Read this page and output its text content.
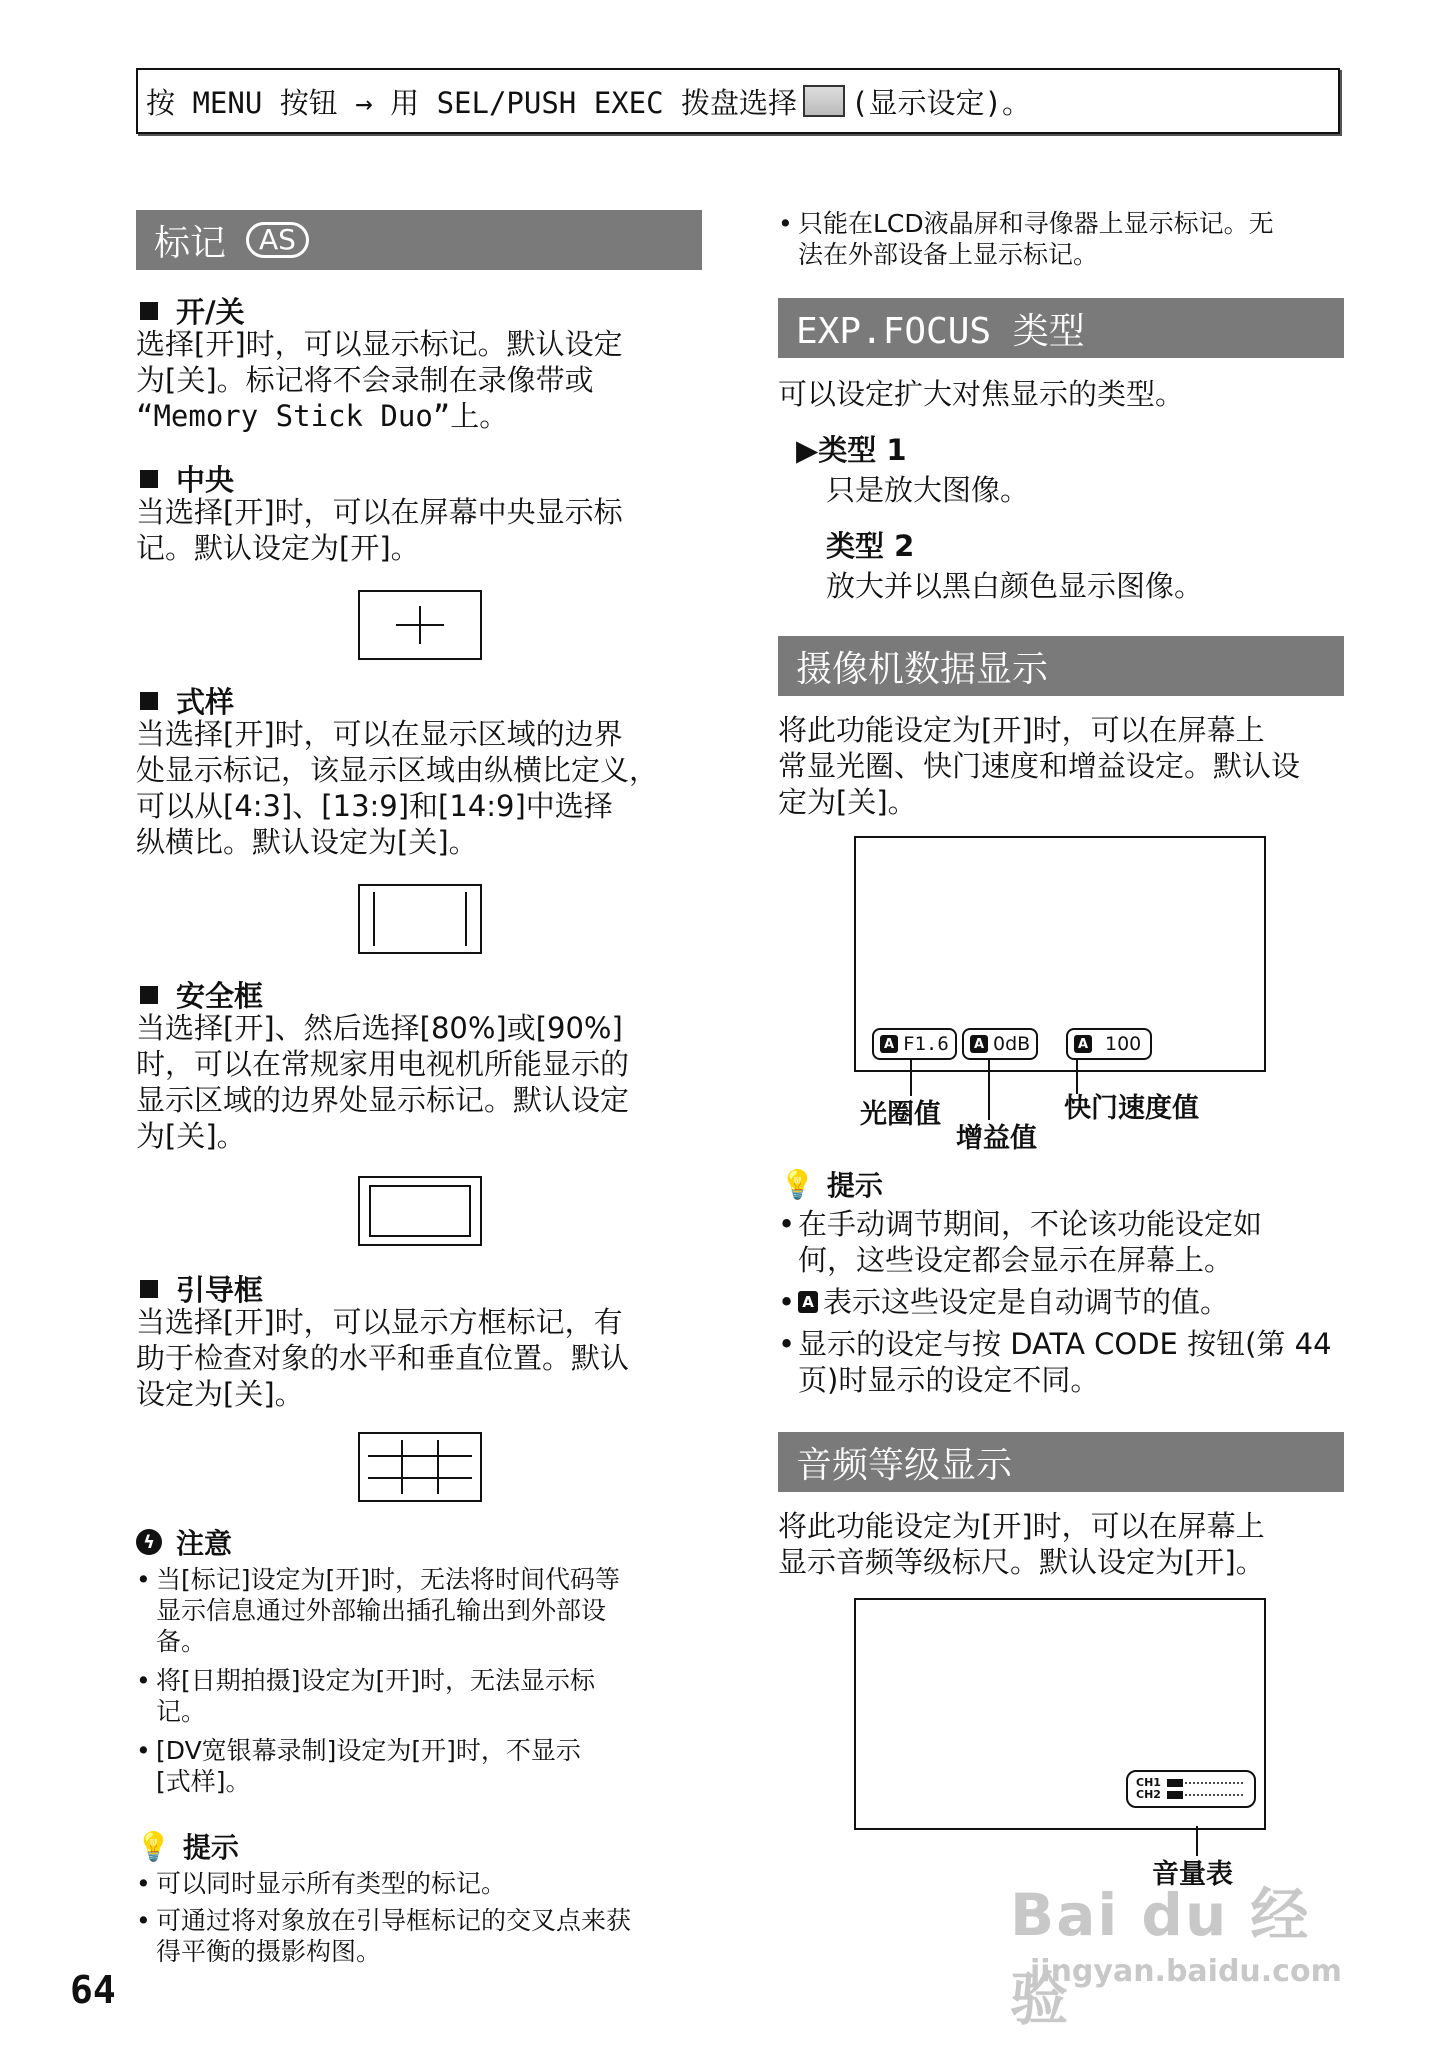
按 MENU 按钮 → 用 SEL/PUSH EXEC 拨盘选择 (显示设定)。
标记	AS
开/关
选择[开]时，可以显示标记。默认设定
为[关]。标记将不会录制在录像带或
“Memory Stick Duo”上。
中央
当选择[开]时，可以在屏幕中央显示标
记。默认设定为[开]。
式样
当选择[开]时，可以在显示区域的边界
处显示标记，该显示区域由纵横比定义，
可以从[4:3]、[13:9]和[14:9]中选择
纵横比。默认设定为[关]。
安全框
当选择[开]、然后选择[80%]或[90%]
时，可以在常规家用电视机所能显示的
显示区域的边界处显示标记。默认设定
为[关]。
引导框
当选择[开]时，可以显示方框标记，有
助于检查对象的水平和垂直位置。默认
设定为[关]。
ϟ 注意
• 当[标记]设定为[开]时，无法将时间代码等
显示信息通过外部输出插孔输出到外部设
备。
• 将[日期拍摄]设定为[开]时，无法显示标
记。
• [DV宽银幕录制]设定为[开]时，不显示
[式样]。
💡 提示
• 可以同时显示所有类型的标记。
• 可通过将对象放在引导框标记的交叉点来获
得平衡的摄影构图。
• 只能在LCD液晶屏和寻像器上显示标记。无
法在外部设备上显示标记。
EXP.FOCUS 类型
可以设定扩大对焦显示的类型。
▶类型 1
只是放大图像。
类型 2
放大并以黑白颜色显示图像。
摄像机数据显示
将此功能设定为[开]时，可以在屏幕上
常显光圈、快门速度和增益设定。默认设
定为[关]。
A F1.6	A 0dB	A 100
光圈值
增益值
快门速度值
💡 提示
• 在手动调节期间，不论该功能设定如
何，这些设定都会显示在屏幕上。
• A 表示这些设定是自动调节的值。
• 显示的设定与按 DATA CODE 按钮(第 44
页)时显示的设定不同。
音频等级显示
将此功能设定为[开]时，可以在屏幕上
显示音频等级标尺。默认设定为[开]。
CH1
CH2
音量表
64
Bai du 经验
jingyan.baidu.com
